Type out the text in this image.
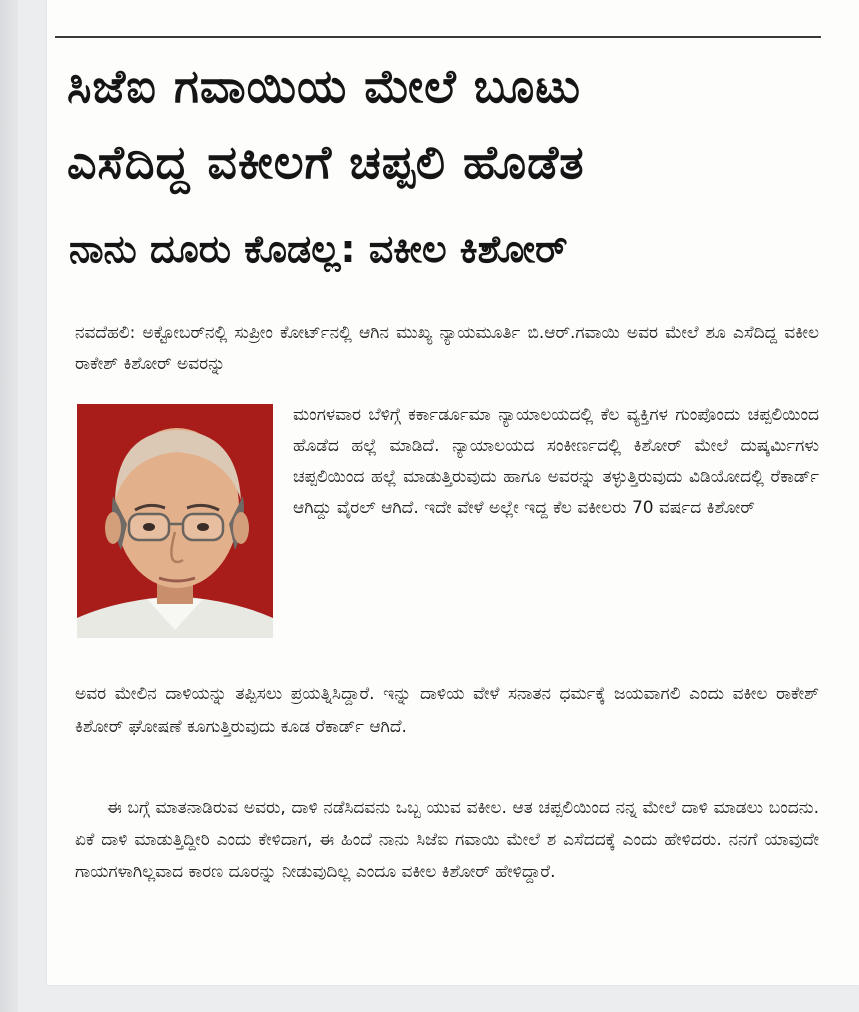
ಸಿಜೆಐ ಗವಾಯಿಯ ಮೇಲೆ ಬೂಟು
ಎಸೆದಿದ್ದ ವಕೀಲಗೆ ಚಪ್ಪಲಿ ಹೊಡೆತ
ನಾನು ದೂರು ಕೊಡಲ್ಲ: ವಕೀಲ ಕಿಶೋರ್

ನವದೆಹಲಿ: ಅಕ್ಟೋಬರ್‌ನಲ್ಲಿ ಸುಪ್ರೀಂ ಕೋರ್ಟ್‌ನಲ್ಲಿ ಆಗಿನ ಮುಖ್ಯ ನ್ಯಾಯಮೂರ್ತಿ ಬಿ.ಆರ್.ಗವಾಯಿ ಅವರ ಮೇಲೆ ಶೂ ಎಸೆದಿದ್ದ ವಕೀಲ ರಾಕೇಶ್ ಕಿಶೋರ್ ಅವರನ್ನು

ಮಂಗಳವಾರ ಬೆಳಿಗ್ಗೆ ಕರ್ಕಾರ್ಡೂಮಾ ನ್ಯಾಯಾಲಯದಲ್ಲಿ ಕೆಲ ವ್ಯಕ್ತಿಗಳ ಗುಂಪೊಂದು ಚಪ್ಪಲಿಯಿಂದ ಹೊಡೆದ ಹಲ್ಲೆ ಮಾಡಿದೆ. ನ್ಯಾಯಾಲಯದ ಸಂಕೀರ್ಣದಲ್ಲಿ ಕಿಶೋರ್ ಮೇಲೆ ದುಷ್ಕರ್ಮಿಗಳು ಚಪ್ಪಲಿಯಿಂದ ಹಲ್ಲೆ ಮಾಡುತ್ತಿರುವುದು ಹಾಗೂ ಅವರನ್ನು ತಳ್ಳುತ್ತಿರುವುದು ವಿಡಿಯೋದಲ್ಲಿ ರೆಕಾರ್ಡ್ ಆಗಿದ್ದು ವೈರಲ್ ಆಗಿದೆ. ಇದೇ ವೇಳೆ ಅಲ್ಲೇ ಇದ್ದ ಕೆಲ ವಕೀಲರು 70 ವರ್ಷದ ಕಿಶೋರ್

ಅವರ ಮೇಲಿನ ದಾಳಿಯನ್ನು ತಪ್ಪಿಸಲು ಪ್ರಯತ್ನಿಸಿದ್ದಾರೆ. ಇನ್ನು ದಾಳಿಯ ವೇಳೆ ಸನಾತನ ಧರ್ಮಕ್ಕೆ ಜಯವಾಗಲಿ ಎಂದು ವಕೀಲ ರಾಕೇಶ್ ಕಿಶೋರ್ ಘೋಷಣೆ ಕೂಗುತ್ತಿರುವುದು ಕೂಡ ರೆಕಾರ್ಡ್ ಆಗಿದೆ.

ಈ ಬಗ್ಗೆ ಮಾತನಾಡಿರುವ ಅವರು, ದಾಳಿ ನಡೆಸಿದವನು ಒಬ್ಬ ಯುವ ವಕೀಲ. ಆತ ಚಪ್ಪಲಿಯಿಂದ ನನ್ನ ಮೇಲೆ ದಾಳಿ ಮಾಡಲು ಬಂದನು. ಏಕೆ ದಾಳಿ ಮಾಡುತ್ತಿದ್ದೀರಿ ಎಂದು ಕೇಳಿದಾಗ, ಈ ಹಿಂದೆ ನಾನು ಸಿಜೆಐ ಗವಾಯಿ ಮೇಲೆ ಶ ಎಸೆದದಕ್ಕೆ ಎಂದು ಹೇಳಿದರು. ನನಗೆ ಯಾವುದೇ ಗಾಯಗಳಾಗಿಲ್ಲವಾದ ಕಾರಣ ದೂರನ್ನು ನೀಡುವುದಿಲ್ಲ ಎಂದೂ ವಕೀಲ ಕಿಶೋರ್ ಹೇಳಿದ್ದಾರೆ.
